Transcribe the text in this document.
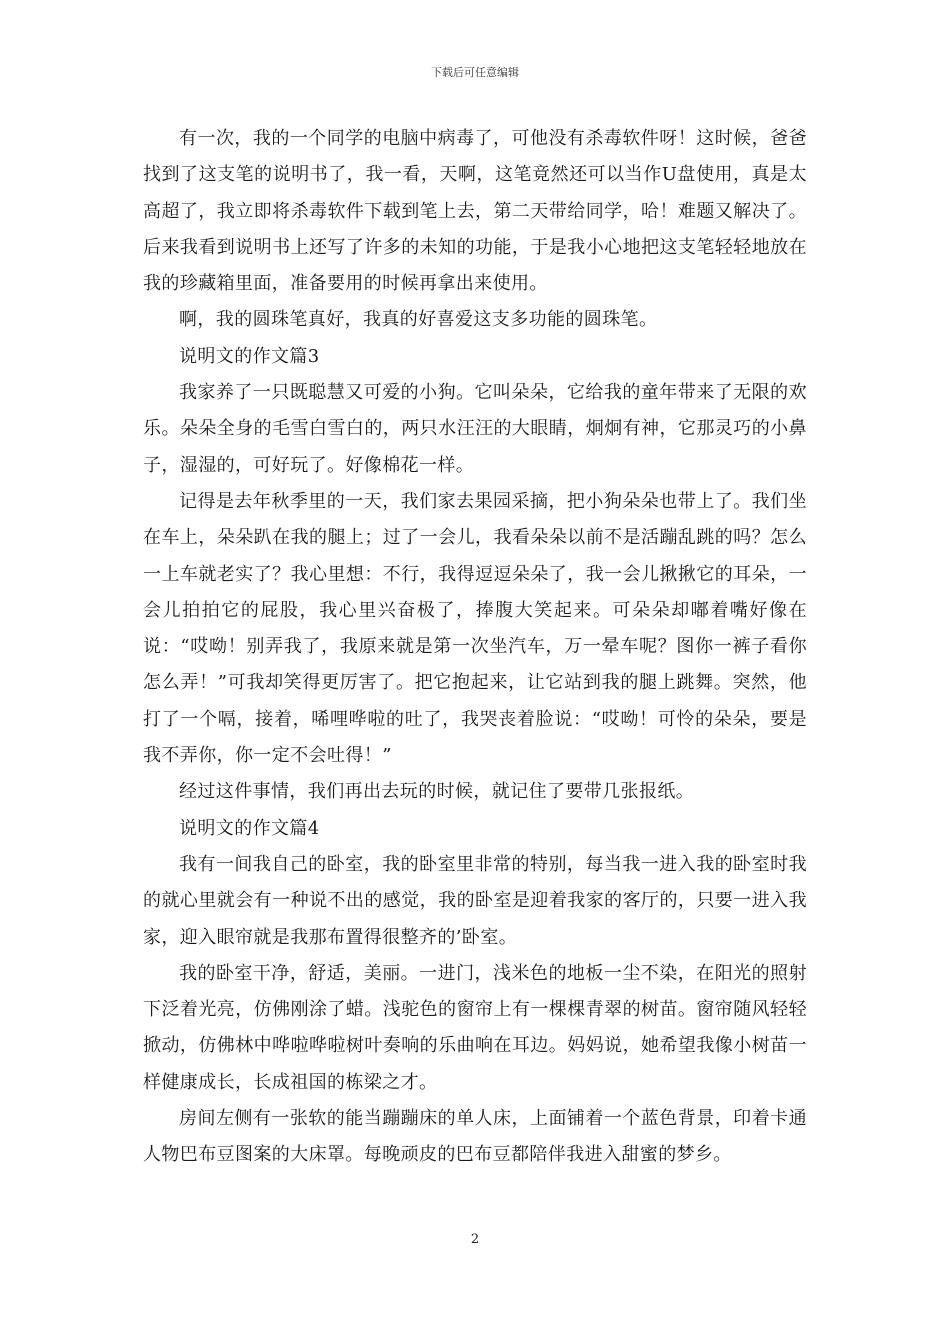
下载后可任意编辑

有一次，我的一个同学的电脑中病毒了，可他没有杀毒软件呀！这时候，爸爸找到了这支笔的说明书了，我一看，天啊，这笔竟然还可以当作U盘使用，真是太高超了，我立即将杀毒软件下载到笔上去，第二天带给同学，哈！难题又解决了。后来我看到说明书上还写了许多的未知的功能，于是我小心地把这支笔轻轻地放在我的珍藏箱里面，准备要用的时候再拿出来使用。

啊，我的圆珠笔真好，我真的好喜爱这支多功能的圆珠笔。

说明文的作文篇3

我家养了一只既聪慧又可爱的小狗。它叫朵朵，它给我的童年带来了无限的欢乐。朵朵全身的毛雪白雪白的，两只水汪汪的大眼睛，炯炯有神，它那灵巧的小鼻子，湿湿的，可好玩了。好像棉花一样。

记得是去年秋季里的一天，我们家去果园采摘，把小狗朵朵也带上了。我们坐在车上，朵朵趴在我的腿上；过了一会儿，我看朵朵以前不是活蹦乱跳的吗？怎么一上车就老实了？我心里想：不行，我得逗逗朵朵了，我一会儿揪揪它的耳朵，一会儿拍拍它的屁股，我心里兴奋极了，捧腹大笑起来。可朵朵却嘟着嘴好像在说：“哎呦！别弄我了，我原来就是第一次坐汽车，万一晕车呢？图你一裤子看你怎么弄！”可我却笑得更厉害了。把它抱起来，让它站到我的腿上跳舞。突然，他打了一个嗝，接着，唏哩哗啦的吐了，我哭丧着脸说：“哎呦！可怜的朵朵，要是我不弄你，你一定不会吐得！”

经过这件事情，我们再出去玩的时候，就记住了要带几张报纸。

说明文的作文篇4

我有一间我自己的卧室，我的卧室里非常的特别，每当我一进入我的卧室时我的就心里就会有一种说不出的感觉，我的卧室是迎着我家的客厅的，只要一进入我家，迎入眼帘就是我那布置得很整齐的’卧室。

我的卧室干净，舒适，美丽。一进门，浅米色的地板一尘不染，在阳光的照射下泛着光亮，仿佛刚涂了蜡。浅驼色的窗帘上有一棵棵青翠的树苗。窗帘随风轻轻掀动，仿佛林中哗啦哗啦树叶奏响的乐曲响在耳边。妈妈说，她希望我像小树苗一样健康成长，长成祖国的栋梁之才。

房间左侧有一张软的能当蹦蹦床的单人床，上面铺着一个蓝色背景，印着卡通人物巴布豆图案的大床罩。每晚顽皮的巴布豆都陪伴我进入甜蜜的梦乡。

2
